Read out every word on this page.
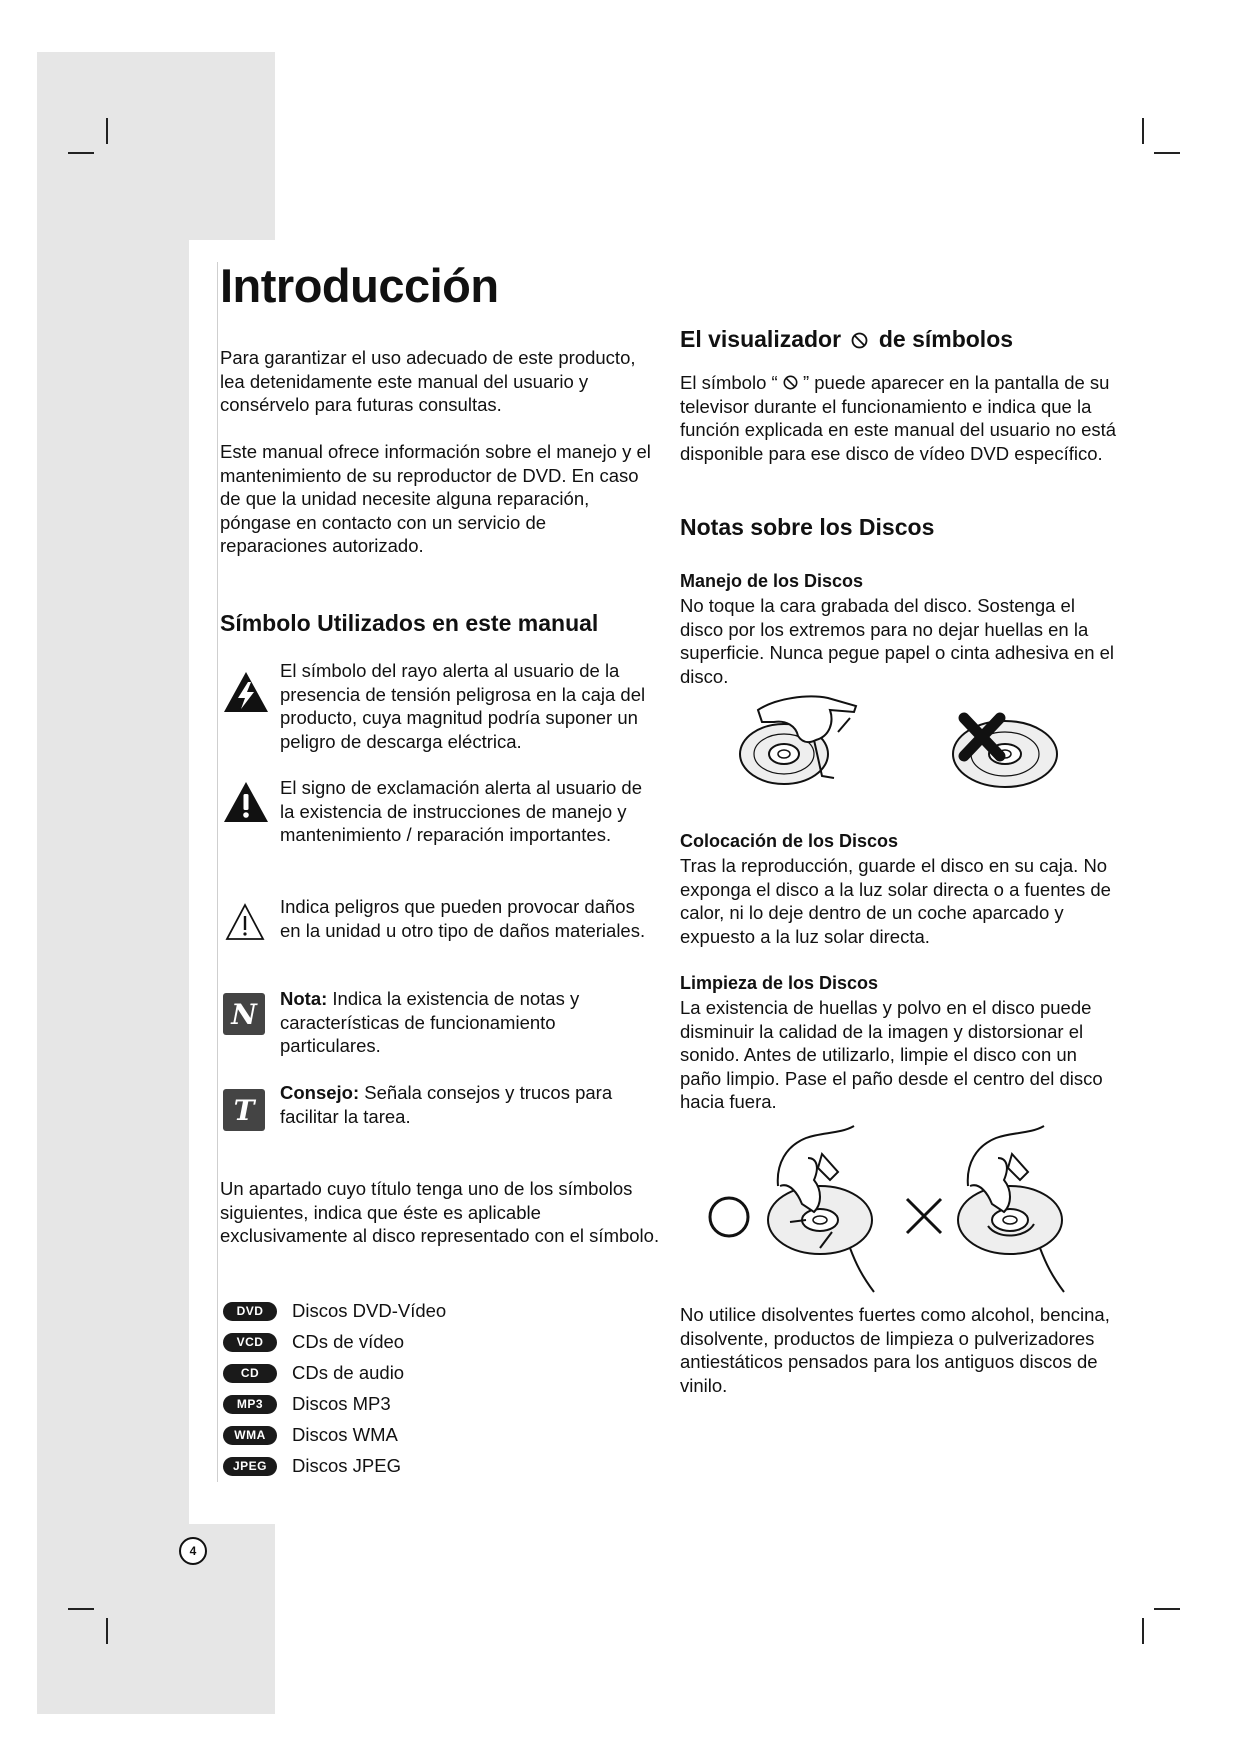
Introducción
Para garantizar el uso adecuado de este producto, lea detenidamente este manual del usuario y consérvelo para futuras consultas.
Este manual ofrece información sobre el manejo y el mantenimiento de su reproductor de DVD. En caso de que la unidad necesite alguna reparación, póngase en contacto con un servicio de reparaciones autorizado.
Símbolo Utilizados en este manual
El símbolo del rayo alerta al usuario de la presencia de tensión peligrosa en la caja del producto, cuya magnitud podría suponer un peligro de descarga eléctrica.
El signo de exclamación alerta al usuario de la existencia de instrucciones de manejo y mantenimiento / reparación importantes.
Indica peligros que pueden provocar daños en la unidad u otro tipo de daños materiales.
N Nota: Indica la existencia de notas y características de funcionamiento particulares.
T
Consejo: Señala consejos y trucos para facilitar la tarea.
Un apartado cuyo título tenga uno de los símbolos siguientes, indica que éste es aplicable exclusivamente al disco representado con el símbolo.
DVD	Discos DVD-Vídeo
VCD	CDs de vídeo
CD	CDs de audio
MP3	Discos MP3
WMA	Discos WMA
JPEG	Discos JPEG
4
El visualizador de símbolos
El símbolo “ ” puede aparecer en la pantalla de su televisor durante el funcionamiento e indica que la función explicada en este manual del usuario no está disponible para ese disco de vídeo DVD específico.
Notas sobre los Discos
Manejo de los Discos
No toque la cara grabada del disco. Sostenga el disco por los extremos para no dejar huellas en la superficie. Nunca pegue papel o cinta adhesiva en el disco.
Colocación de los Discos
Tras la reproducción, guarde el disco en su caja. No exponga el disco a la luz solar directa o a fuentes de calor, ni lo deje dentro de un coche aparcado y expuesto a la luz solar directa.
Limpieza de los Discos
La existencia de huellas y polvo en el disco puede disminuir la calidad de la imagen y distorsionar el sonido. Antes de utilizarlo, limpie el disco con un paño limpio. Pase el paño desde el centro del disco hacia fuera.
No utilice disolventes fuertes como alcohol, bencina, disolvente, productos de limpieza o pulverizadores antiestáticos pensados para los antiguos discos de vinilo.
